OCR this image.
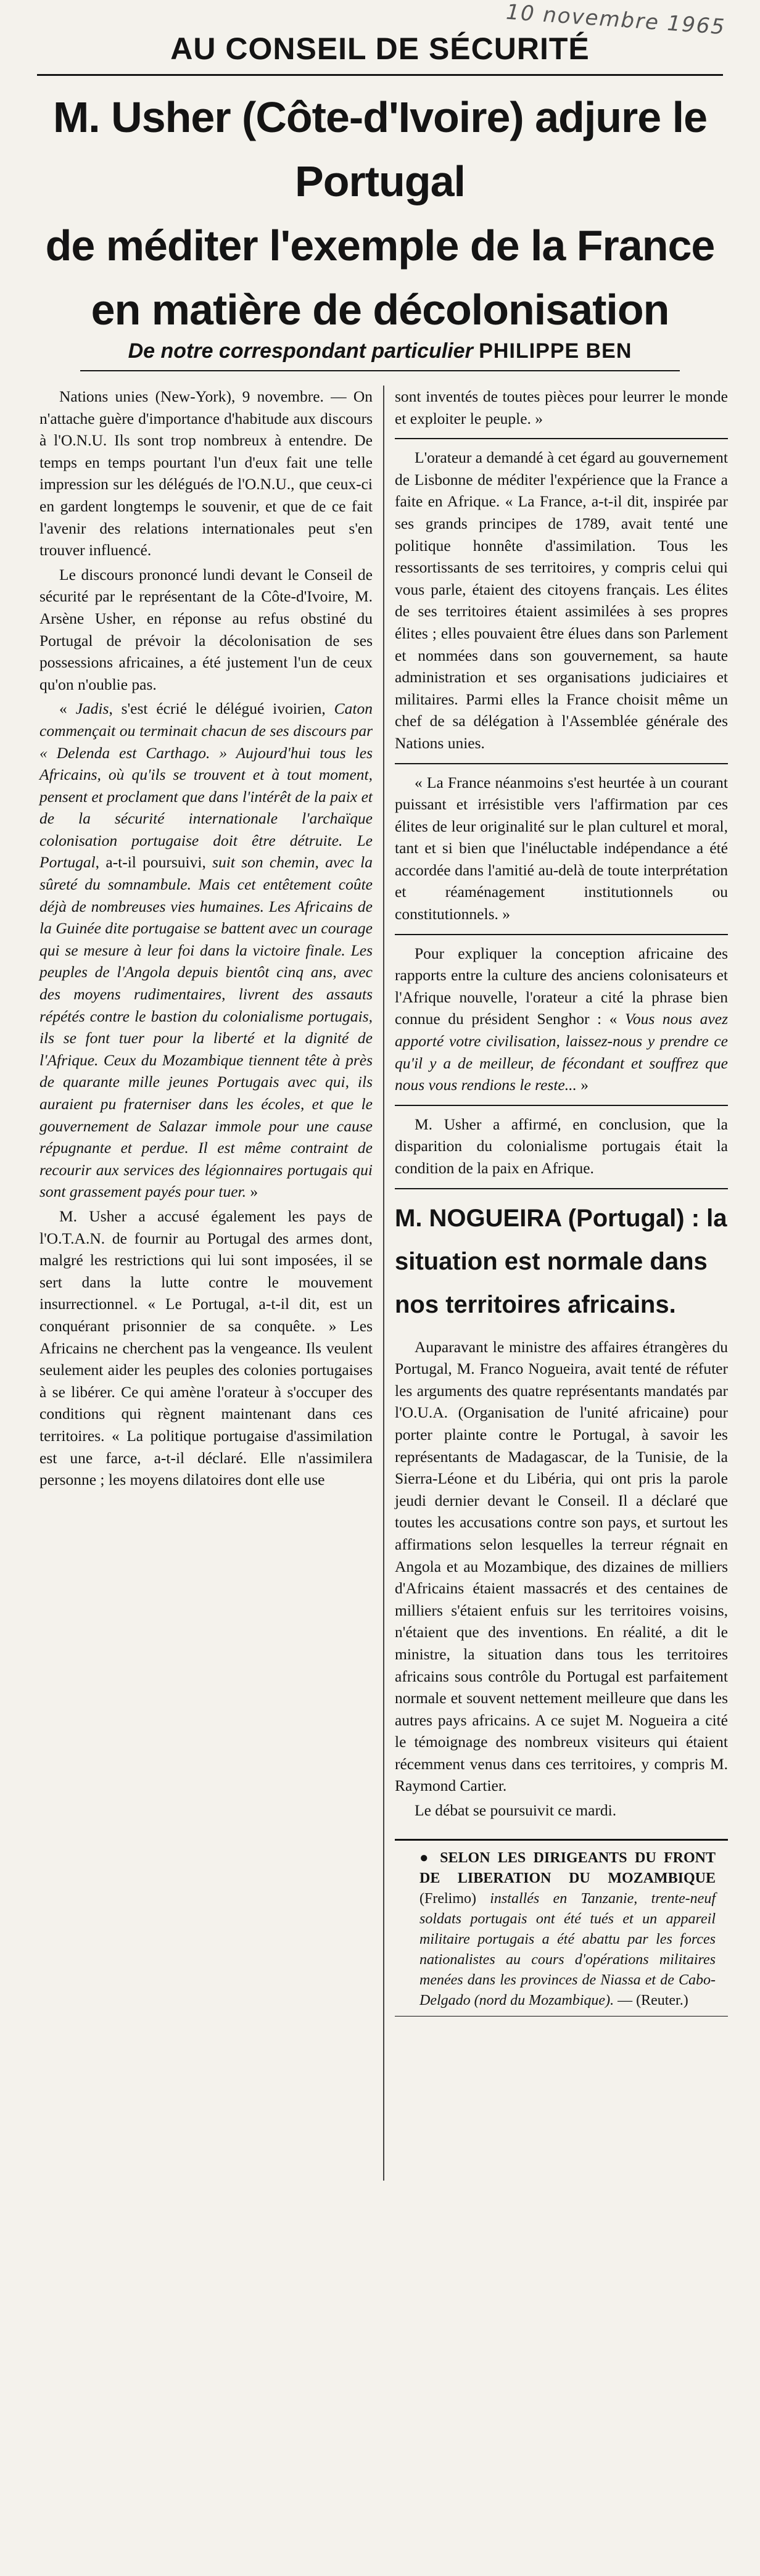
10 novembre 1965
AU CONSEIL DE SÉCURITÉ
M. Usher (Côte-d'Ivoire) adjure le Portugal
de méditer l'exemple de la France
en matière de décolonisation
De notre correspondant particulier PHILIPPE BEN

Nations unies (New-York), 9 novembre. — On n'attache guère d'importance d'habitude aux discours à l'O.N.U. Ils sont trop nombreux à entendre. De temps en temps pourtant l'un d'eux fait une telle impression sur les délégués de l'O.N.U., que ceux-ci en gardent longtemps le souvenir, et que de ce fait l'avenir des relations internationales peut s'en trouver influencé.

Le discours prononcé lundi devant le Conseil de sécurité par le représentant de la Côte-d'Ivoire, M. Arsène Usher, en réponse au refus obstiné du Portugal de prévoir la décolonisation de ses possessions africaines, a été justement l'un de ceux qu'on n'oublie pas.

« Jadis, s'est écrié le délégué ivoirien, Caton commençait ou terminait chacun de ses discours par « Delenda est Carthago. » Aujourd'hui tous les Africains, où qu'ils se trouvent et à tout moment, pensent et proclament que dans l'intérêt de la paix et de la sécurité internationale l'archaïque colonisation portugaise doit être détruite. Le Portugal, a-t-il poursuivi, suit son chemin, avec la sûreté du somnambule. Mais cet entêtement coûte déjà de nombreuses vies humaines. Les Africains de la Guinée dite portugaise se battent avec un courage qui se mesure à leur foi dans la victoire finale. Les peuples de l'Angola depuis bientôt cinq ans, avec des moyens rudimentaires, livrent des assauts répétés contre le bastion du colonialisme portugais, ils se font tuer pour la liberté et la dignité de l'Afrique. Ceux du Mozambique tiennent tête à près de quarante mille jeunes Portugais avec qui, ils auraient pu fraterniser dans les écoles, et que le gouvernement de Salazar immole pour une cause répugnante et perdue. Il est même contraint de recourir aux services des légionnaires portugais qui sont grassement payés pour tuer. »

M. Usher a accusé également les pays de l'O.T.A.N. de fournir au Portugal des armes dont, malgré les restrictions qui lui sont imposées, il se sert dans la lutte contre le mouvement insurrectionnel. « Le Portugal, a-t-il dit, est un conquérant prisonnier de sa conquête. » Les Africains ne cherchent pas la vengeance. Ils veulent seulement aider les peuples des colonies portugaises à se libérer. Ce qui amène l'orateur à s'occuper des conditions qui règnent maintenant dans ces territoires. « La politique portugaise d'assimilation est une farce, a-t-il déclaré. Elle n'assimilera personne ; les moyens dilatoires dont elle use

sont inventés de toutes pièces pour leurrer le monde et exploiter le peuple. »

L'orateur a demandé à cet égard au gouvernement de Lisbonne de méditer l'expérience que la France a faite en Afrique. « La France, a-t-il dit, inspirée par ses grands principes de 1789, avait tenté une politique honnête d'assimilation. Tous les ressortissants de ses territoires, y compris celui qui vous parle, étaient des citoyens français. Les élites de ses territoires étaient assimilées à ses propres élites ; elles pouvaient être élues dans son Parlement et nommées dans son gouvernement, sa haute administration et ses organisations judiciaires et militaires. Parmi elles la France choisit même un chef de sa délégation à l'Assemblée générale des Nations unies.

« La France néanmoins s'est heurtée à un courant puissant et irrésistible vers l'affirmation par ces élites de leur originalité sur le plan culturel et moral, tant et si bien que l'inéluctable indépendance a été accordée dans l'amitié au-delà de toute interprétation et réaménagement institutionnels ou constitutionnels. »

Pour expliquer la conception africaine des rapports entre la culture des anciens colonisateurs et l'Afrique nouvelle, l'orateur a cité la phrase bien connue du président Senghor : « Vous nous avez apporté votre civilisation, laissez-nous y prendre ce qu'il y a de meilleur, de fécondant et souffrez que nous vous rendions le reste... »

M. Usher a affirmé, en conclusion, que la disparition du colonialisme portugais était la condition de la paix en Afrique.

M. NOGUEIRA (Portugal) : la situation est normale dans nos territoires africains.

Auparavant le ministre des affaires étrangères du Portugal, M. Franco Nogueira, avait tenté de réfuter les arguments des quatre représentants mandatés par l'O.U.A. (Organisation de l'unité africaine) pour porter plainte contre le Portugal, à savoir les représentants de Madagascar, de la Tunisie, de la Sierra-Léone et du Libéria, qui ont pris la parole jeudi dernier devant le Conseil. Il a déclaré que toutes les accusations contre son pays, et surtout les affirmations selon lesquelles la terreur régnait en Angola et au Mozambique, des dizaines de milliers d'Africains étaient massacrés et des centaines de milliers s'étaient enfuis sur les territoires voisins, n'étaient que des inventions. En réalité, a dit le ministre, la situation dans tous les territoires africains sous contrôle du Portugal est parfaitement normale et souvent nettement meilleure que dans les autres pays africains. A ce sujet M. Nogueira a cité le témoignage des nombreux visiteurs qui étaient récemment venus dans ces territoires, y compris M. Raymond Cartier.

Le débat se poursuivit ce mardi.

● SELON LES DIRIGEANTS DU FRONT DE LIBERATION DU MOZAMBIQUE (Frelimo) installés en Tanzanie, trente-neuf soldats portugais ont été tués et un appareil militaire portugais a été abattu par les forces nationalistes au cours d'opérations militaires menées dans les provinces de Niassa et de Cabo-Delgado (nord du Mozambique). — (Reuter.)
